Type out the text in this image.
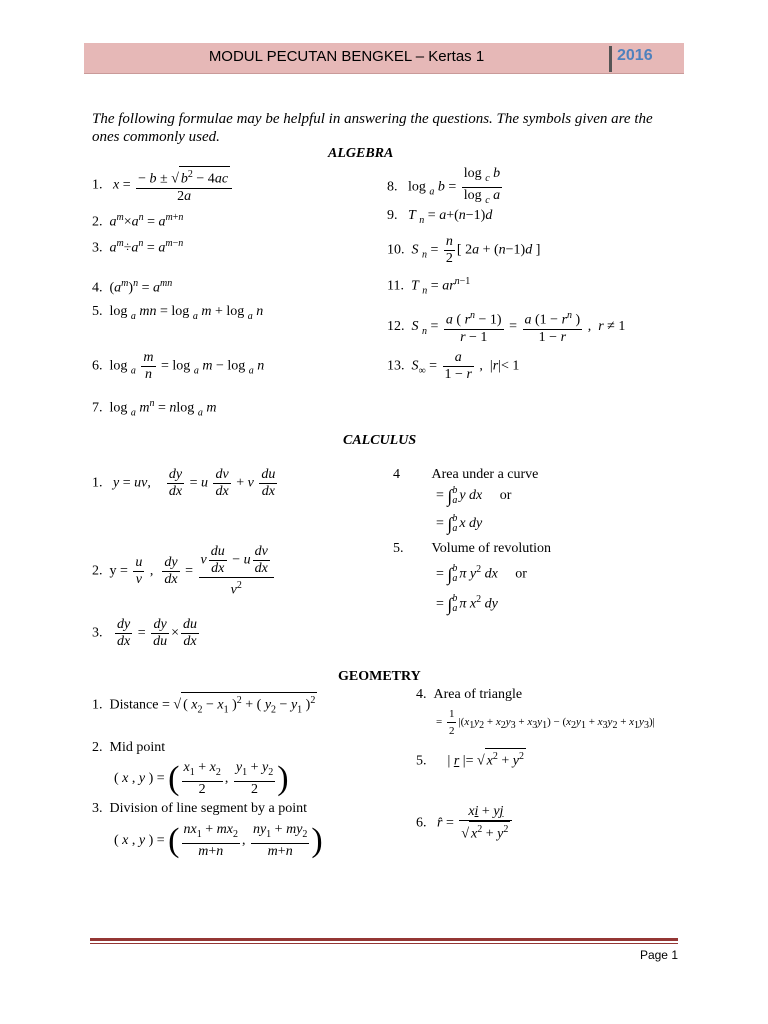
MODUL PECUTAN BENGKEL – Kertas 1	2016
The following formulae may be helpful in answering the questions. The symbols given are the ones commonly used.
ALGEBRA
1.   $x = \frac{- b \pm √ b^2 - 4ac}{2a}$
2.  $a^m\times a^n = a^{m+n}$
3.  $a^m\div a^n = a^{m-n}$
4.  $(a^m)^n = a^{mn}$
5.  log $_a$ mn = log $_a$ m + log $_a$ n
6.  $\log _a \frac{m}{n} = \log _a$ m − log $_a$ n
7.  log $_a$ $m^n = nlog$ $_a$ m
8.   log $_a$ $b = \frac{\log _c b}{\log _c a}$
9.   T $_n$ = a+(n−1)d
10.  S $_n = \frac{n}{2}$ [ 2a + (n−1)d ]
11.  T $_n = ar^{n-1}$
12.  S $_n = \frac{a ( r^n - 1)}{r - 1} = \frac{a (1 - r^n )}{1 - r}$ ,  r ≠ 1
13.  $S_\infty = \frac{a}{1 - r}$ ,  |r|< 1
CALCULUS
1.   y = uv, $\frac{dy}{dx} = u \frac{dv}{dx} + v \frac{du}{dx}$
2.  $y = \frac{u}{v}$ , $\frac{dy}{dx} = \frac{v \frac{du}{dx} - u \frac{dv}{dx}}{v^2}$
3. $\frac{dy}{dx} = \frac{dy}{du} \times \frac{du}{dx}$
4         Area under a curve
= ∫ b
a y dx or
= ∫ b
a x dy
5.        Volume of revolution
= ∫ b
a π $y^2$ dx or
= ∫ b
a π $x^2$ dy
GEOMETRY
1.  Distance = √ ( $x_2 - x_1$ )$^2$ + ( $y_2 - y_1$ )$^2$
2.  Mid point
( x , y ) = ( $\frac{x_1 + x_2}{2}$ , $\frac{y_1 + y_2}{2}$ )
3.  Division of line segment by a point
( x , y ) = ( $\frac{nx_1 + mx_2}{m+n}$ , $\frac{ny_1 + my_2}{m+n}$ )
4.  Area of triangle
= $\frac{1}{2} |(x_1y_2 + x_2y_3 + x_3y_1) - (x_2y_1 + x_3y_2 + x_1y_3)|$
5.      | r |= √ $x^2 + y^2$
6.   r̂ = $\frac{xi + yj}{√ x^2 + y^2}$
Page 1
